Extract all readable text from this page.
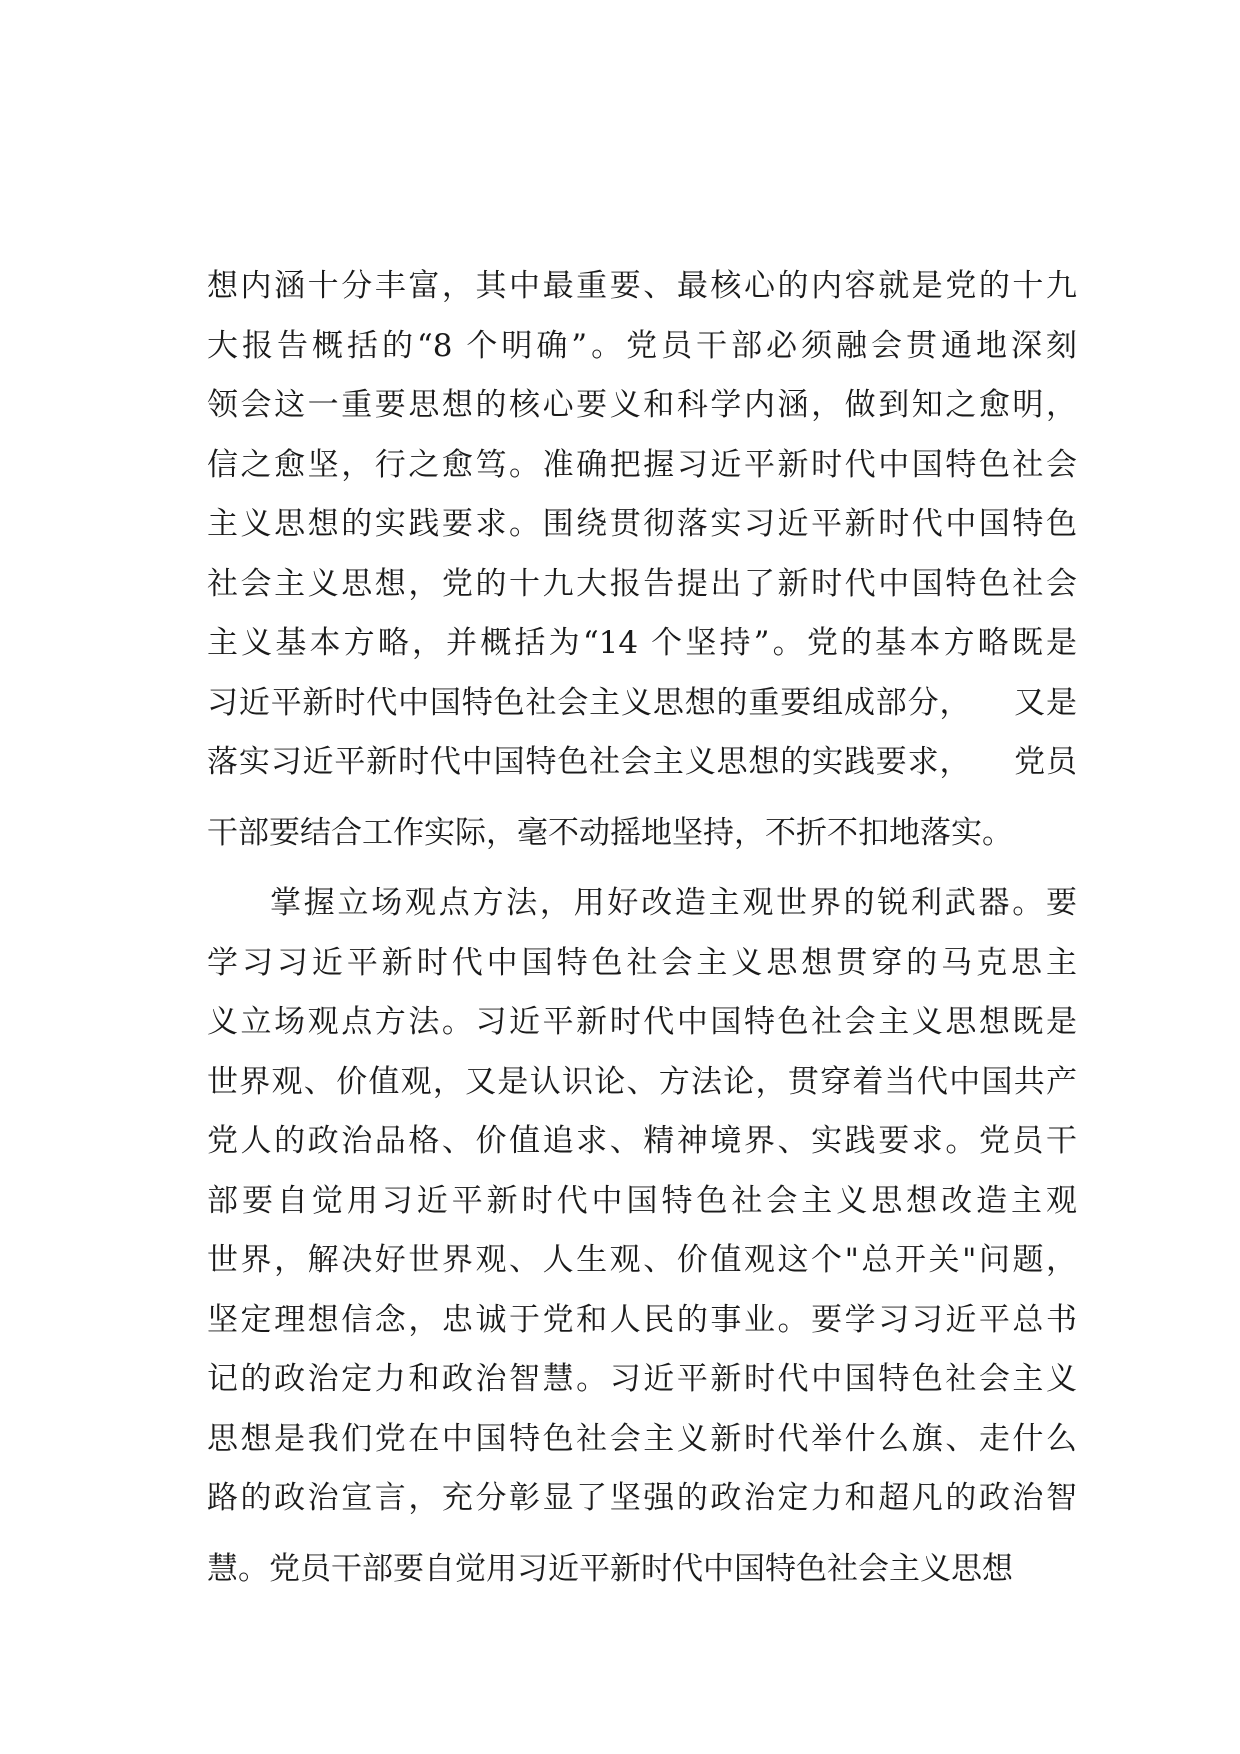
想内涵十分丰富，其中最重要、最核心的内容就是党的十九
大报告概括的“8 个明确”。党员干部必须融会贯通地深刻
领会这一重要思想的核心要义和科学内涵，做到知之愈明，
信之愈坚，行之愈笃。准确把握习近平新时代中国特色社会
主义思想的实践要求。围绕贯彻落实习近平新时代中国特色
社会主义思想，党的十九大报告提出了新时代中国特色社会
主义基本方略，并概括为“14 个坚持”。党的基本方略既是
习近平新时代中国特色社会主义思想的重要组成部分，    又是
落实习近平新时代中国特色社会主义思想的实践要求，    党员
干部要结合工作实际，毫不动摇地坚持，不折不扣地落实。
掌握立场观点方法，用好改造主观世界的锐利武器。要
学习习近平新时代中国特色社会主义思想贯穿的马克思主
义立场观点方法。习近平新时代中国特色社会主义思想既是
世界观、价值观，又是认识论、方法论，贯穿着当代中国共产
党人的政治品格、价值追求、精神境界、实践要求。党员干
部要自觉用习近平新时代中国特色社会主义思想改造主观
世界，解决好世界观、人生观、价值观这个"总开关"问题，
坚定理想信念，忠诚于党和人民的事业。要学习习近平总书
记的政治定力和政治智慧。习近平新时代中国特色社会主义
思想是我们党在中国特色社会主义新时代举什么旗、走什么
路的政治宣言，充分彰显了坚强的政治定力和超凡的政治智
慧。党员干部要自觉用习近平新时代中国特色社会主义思想
